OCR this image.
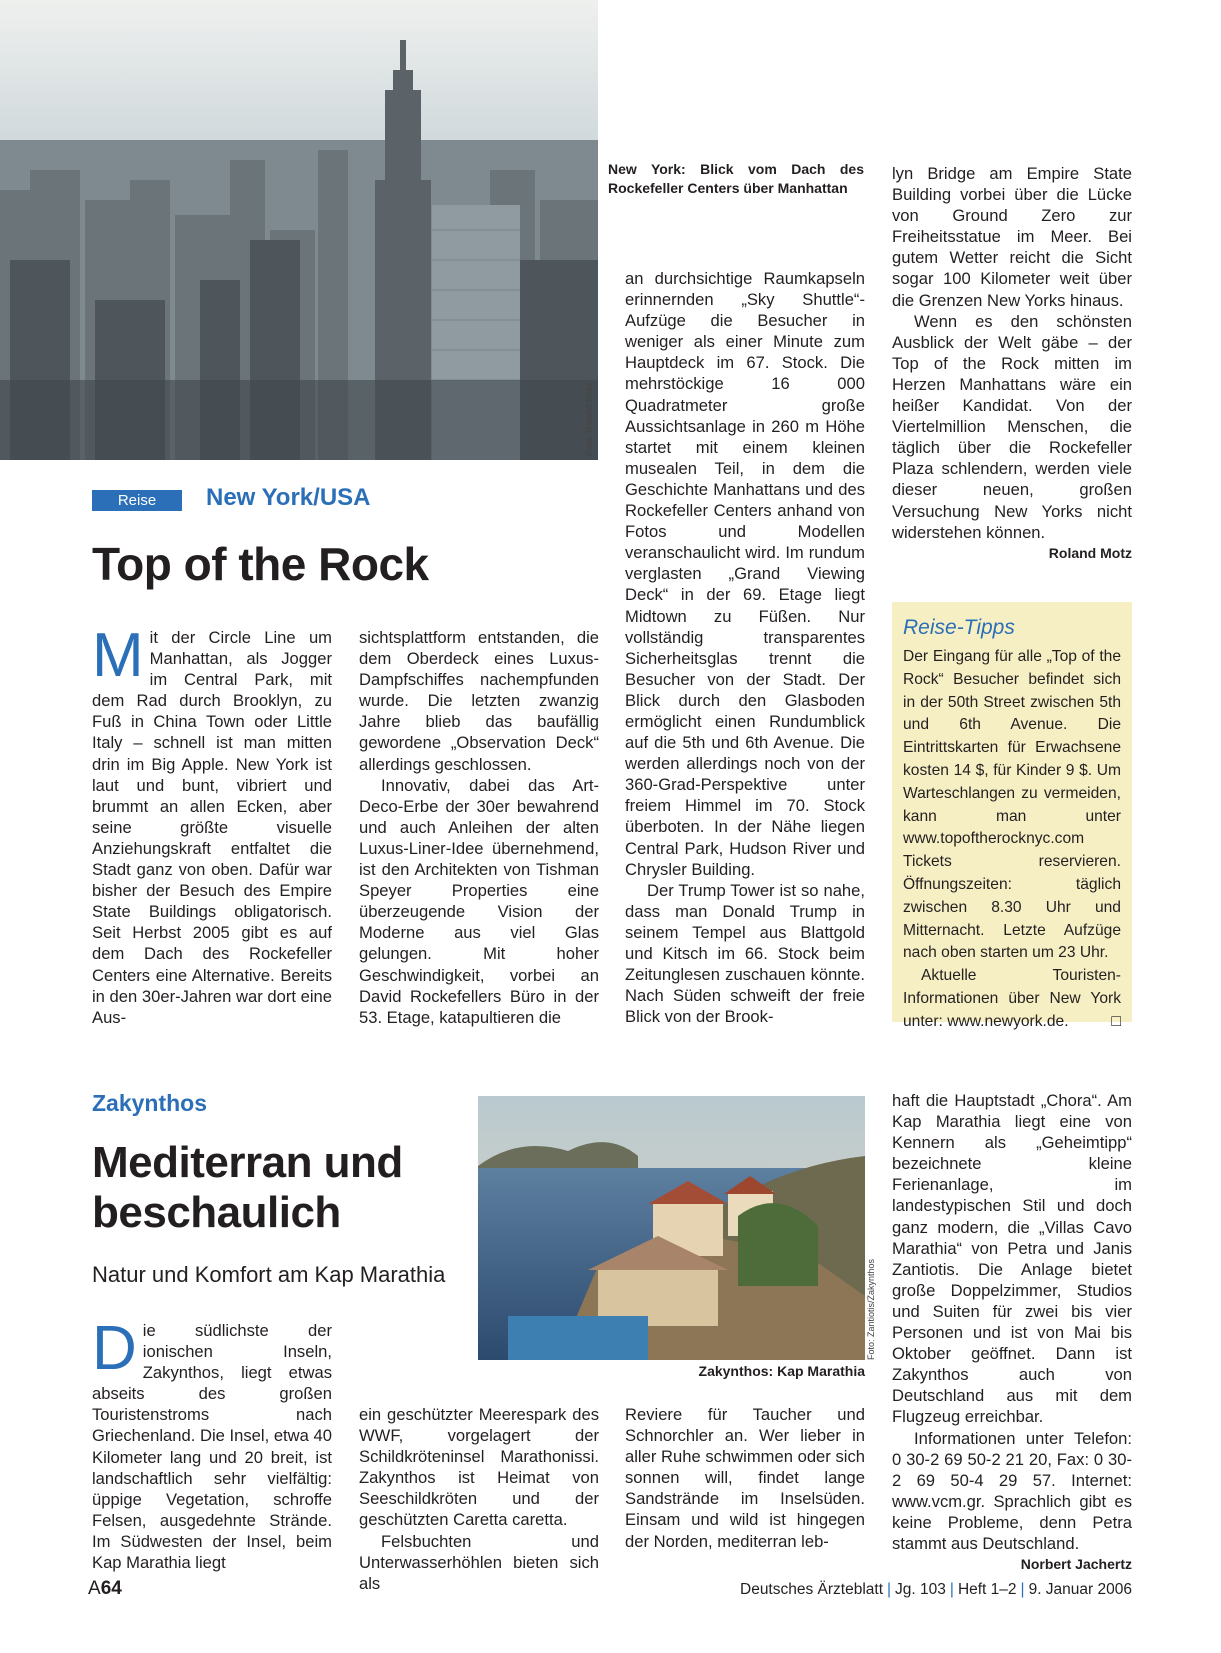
Foto: Roland Motz
New York: Blick vom Dach des Rockefeller Centers über Manhattan
Reise	New York/USA
Top of the Rock

Mit der Circle Line um Manhattan, als Jogger im Central Park, mit dem Rad durch Brooklyn, zu Fuß in China Town oder Little Italy – schnell ist man mitten drin im Big Apple. New York ist laut und bunt, vibriert und brummt an allen Ecken, aber seine größte visuelle Anziehungskraft entfaltet die Stadt ganz von oben. Dafür war bisher der Besuch des Empire State Buildings obligatorisch. Seit Herbst 2005 gibt es auf dem Dach des Rockefeller Centers eine Alternative. Bereits in den 30er-Jahren war dort eine Aus-

sichtsplattform entstanden, die dem Oberdeck eines Luxus-Dampfschiffes nachempfunden wurde. Die letzten zwanzig Jahre blieb das baufällig gewordene „Observation Deck“ allerdings geschlossen.

Innovativ, dabei das Art-Deco-Erbe der 30er bewahrend und auch Anleihen der alten Luxus-Liner-Idee übernehmend, ist den Architekten von Tishman Speyer Properties eine überzeugende Vision der Moderne aus viel Glas gelungen. Mit hoher Geschwindigkeit, vorbei an David Rockefellers Büro in der 53. Etage, katapultieren die

an durchsichtige Raumkapseln erinnernden „Sky Shuttle“-Aufzüge die Besucher in weniger als einer Minute zum Hauptdeck im 67. Stock. Die mehrstöckige 16 000 Quadratmeter große Aussichtsanlage in 260 m Höhe startet mit einem kleinen musealen Teil, in dem die Geschichte Manhattans und des Rockefeller Centers anhand von Fotos und Modellen veranschaulicht wird. Im rundum verglasten „Grand Viewing Deck“ in der 69. Etage liegt Midtown zu Füßen. Nur vollständig transparentes Sicherheitsglas trennt die Besucher von der Stadt. Der Blick durch den Glasboden ermöglicht einen Rundumblick auf die 5th und 6th Avenue. Die werden allerdings noch von der 360-Grad-Perspektive unter freiem Himmel im 70. Stock überboten. In der Nähe liegen Central Park, Hudson River und Chrysler Building.

Der Trump Tower ist so nahe, dass man Donald Trump in seinem Tempel aus Blattgold und Kitsch im 66. Stock beim Zeitunglesen zuschauen könnte. Nach Süden schweift der freie Blick von der Brook-

lyn Bridge am Empire State Building vorbei über die Lücke von Ground Zero zur Freiheitsstatue im Meer. Bei gutem Wetter reicht die Sicht sogar 100 Kilometer weit über die Grenzen New Yorks hinaus.

Wenn es den schönsten Ausblick der Welt gäbe – der Top of the Rock mitten im Herzen Manhattans wäre ein heißer Kandidat. Von der Viertelmillion Menschen, die täglich über die Rockefeller Plaza schlendern, werden viele dieser neuen, großen Versuchung New Yorks nicht widerstehen können.
Roland Motz

Reise-Tipps

Der Eingang für alle „Top of the Rock“ Besucher befindet sich in der 50th Street zwischen 5th und 6th Avenue. Die Eintrittskarten für Erwachsene kosten 14 $, für Kinder 9 $. Um Warteschlangen zu vermeiden, kann man unter www.topoftherocknyc.com Tickets reservieren. Öffnungszeiten: täglich zwischen 8.30 Uhr und Mitternacht. Letzte Aufzüge nach oben starten um 23 Uhr.

Aktuelle Touristen-Informationen über New York unter: www.newyork.de.	□

Zakynthos
Mediterran und
beschaulich
Natur und Komfort am Kap Marathia	Foto: Zantiotis/Zakynthos
Zakynthos: Kap Marathia

Die südlichste der ionischen Inseln, Zakynthos, liegt etwas abseits des großen Touristenstroms nach Griechenland. Die Insel, etwa 40 Kilometer lang und 20 breit, ist landschaftlich sehr vielfältig: üppige Vegetation, schroffe Felsen, ausgedehnte Strände. Im Südwesten der Insel, beim Kap Marathia liegt

ein geschützter Meerespark des WWF, vorgelagert der Schildkröteninsel Marathonissi. Zakynthos ist Heimat von Seeschildkröten und der geschützten Caretta caretta.

Felsbuchten und Unterwasserhöhlen bieten sich als

Reviere für Taucher und Schnorchler an. Wer lieber in aller Ruhe schwimmen oder sich sonnen will, findet lange Sandstrände im Inselsüden. Einsam und wild ist hingegen der Norden, mediterran leb-

haft die Hauptstadt „Chora“. Am Kap Marathia liegt eine von Kennern als „Geheimtipp“ bezeichnete kleine Ferienanlage, im landestypischen Stil und doch ganz modern, die „Villas Cavo Marathia“ von Petra und Janis Zantiotis. Die Anlage bietet große Doppelzimmer, Studios und Suiten für zwei bis vier Personen und ist von Mai bis Oktober geöffnet. Dann ist Zakynthos auch von Deutschland aus mit dem Flugzeug erreichbar.

Informationen unter Telefon: 0 30-2 69 50-2 21 20, Fax: 0 30-2 69 50-4 29 57. Internet: www.vcm.gr. Sprachlich gibt es keine Probleme, denn Petra stammt aus Deutschland.
Norbert Jachertz

A64	Deutsches Ärzteblatt | Jg. 103 | Heft 1–2 | 9. Januar 2006
